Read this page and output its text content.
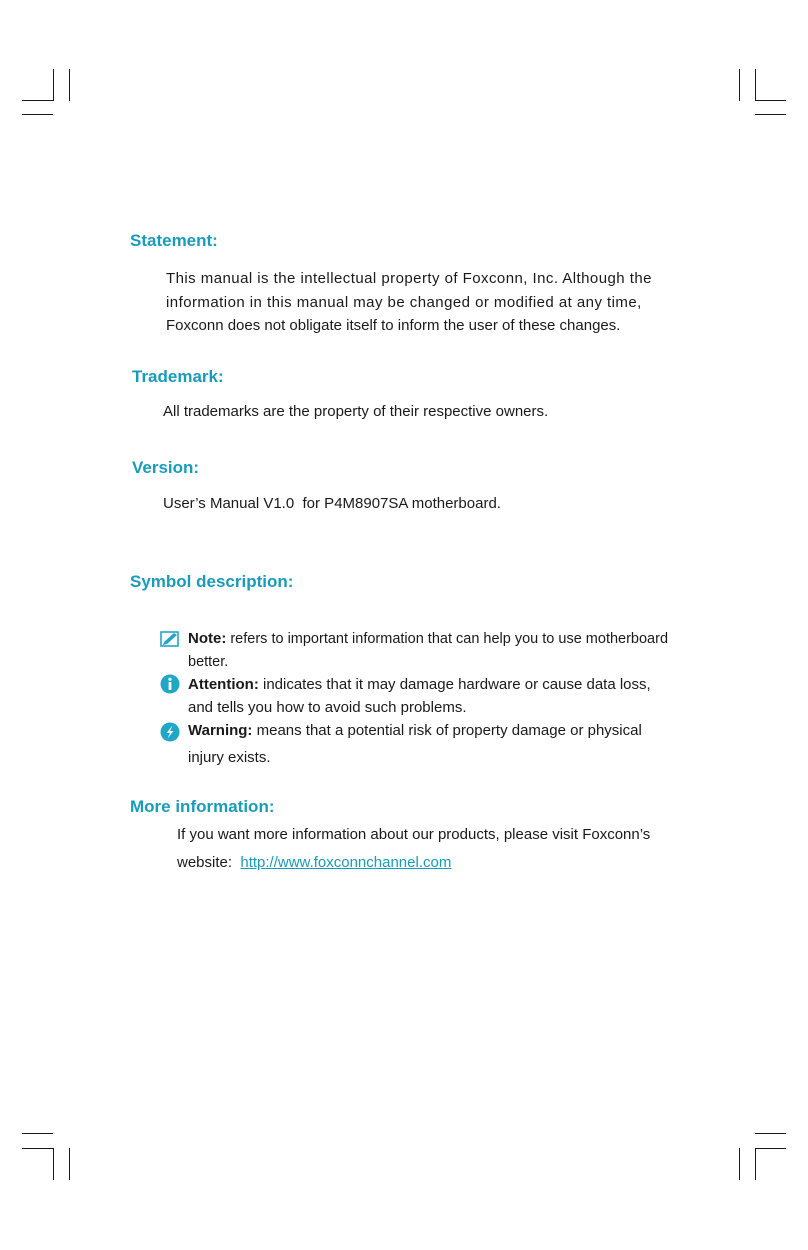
Statement:
This manual is the intellectual property of Foxconn, Inc. Although the
information in this manual may be changed or modified at any time,
Foxconn does not obligate itself to inform the user of these changes.
Trademark:

All trademarks are the property of their respective owners.

Version:

User’s Manual V1.0  for P4M8907SA motherboard.

Symbol description:
Note: refers to important information that can help you to use motherboard
better.
Attention: indicates that it may damage hardware or cause data loss,
and tells you how to avoid such problems.
Warning: means that a potential risk of property damage or physical
injury exists.
More information:
If you want more information about our products, please visit Foxconn’s
website:  http://www.foxconnchannel.com
